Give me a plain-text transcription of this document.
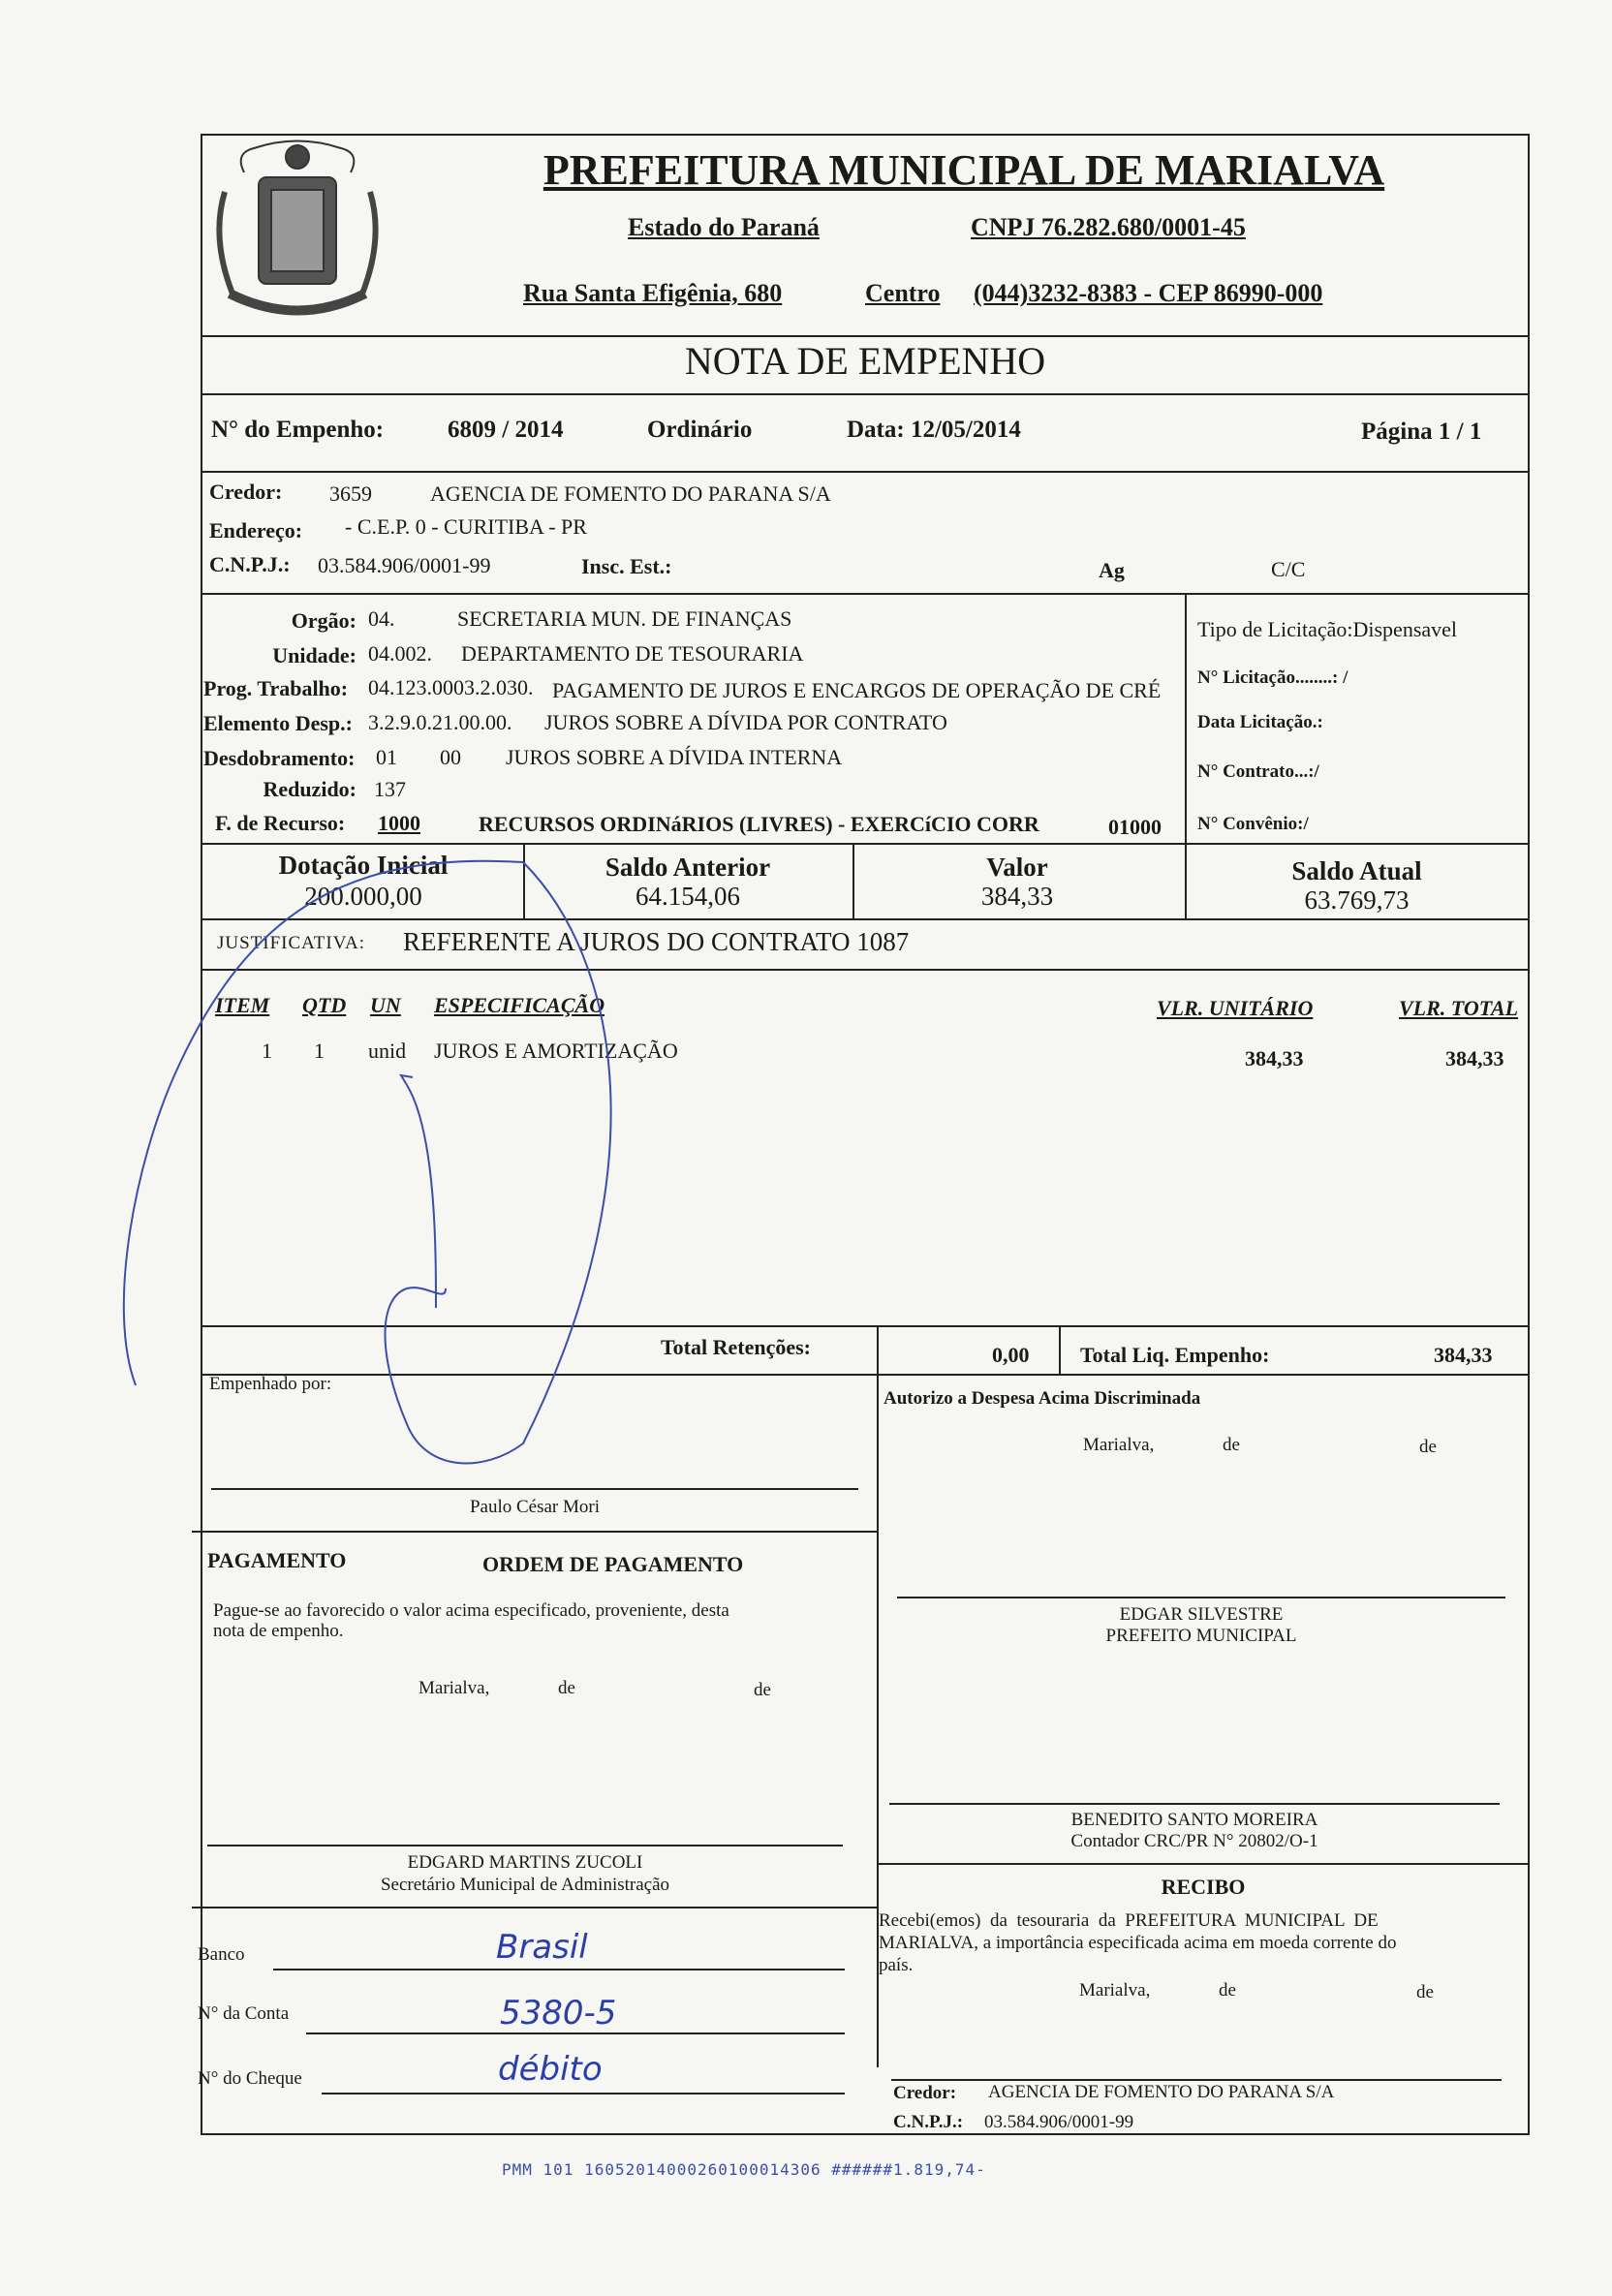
PREFEITURA MUNICIPAL DE MARIALVA
Estado do Paraná	CNPJ 76.282.680/0001-45
Rua Santa Efigênia, 680	Centro (044)3232-8383 - CEP 86990-000
NOTA DE EMPENHO
N° do Empenho:	6809 / 2014	Ordinário	Data: 12/05/2014	Página 1 / 1
Credor: 3659	AGENCIA DE FOMENTO DO PARANA S/A
Endereço: - C.E.P. 0 - CURITIBA - PR
C.N.P.J.: 03.584.906/0001-99	Insc. Est.:	Ag	C/C
Orgão: 04.	SECRETARIA MUN. DE FINANÇAS
Unidade: 04.002. DEPARTAMENTO DE TESOURARIA
Prog. Trabalho: 04.123.0003.2.030. PAGAMENTO DE JUROS E ENCARGOS DE OPERAÇÃO DE CRÉ
Elemento Desp.: 3.2.9.0.21.00.00. JUROS SOBRE A DÍVIDA POR CONTRATO
Desdobramento: 01 00 JUROS SOBRE A DÍVIDA INTERNA
Reduzido: 137
F. de Recurso: 1000	RECURSOS ORDINáRIOS (LIVRES) - EXERCíCIO CORR	01000
Tipo de Licitação:Dispensavel
N° Licitação........: /
Data Licitação.:
N° Contrato...:/
N° Convênio:/
Dotação Inicial
200.000,00
Saldo Anterior
64.154,06
Valor
384,33
Saldo Atual
63.769,73
JUSTIFICATIVA: REFERENTE A JUROS DO CONTRATO 1087
ITEM QTD UN ESPECIFICAÇÃO	VLR. UNITÁRIO	VLR. TOTAL
1 1 unid JUROS E AMORTIZAÇÃO	384,33	384,33
Total Retenções:	0,00 Total Liq. Empenho:	384,33
Empenhado por:
Paulo César Mori
Autorizo a Despesa Acima Discriminada
Marialva,	de	de
PAGAMENTO	ORDEM DE PAGAMENTO
Pague-se ao favorecido o valor acima especificado, proveniente, desta
nota de empenho.
Marialva,	de	de
EDGAR SILVESTRE
PREFEITO MUNICIPAL
BENEDITO SANTO MOREIRA
Contador CRC/PR N° 20802/O-1
EDGARD MARTINS ZUCOLI
Secretário Municipal de Administração
Banco	Brasil
N° da Conta	5380-5
N° do Cheque	débito
RECIBO
Recebi(emos)  da  tesouraria  da  PREFEITURA  MUNICIPAL  DE
MARIALVA, a importância especificada acima em moeda corrente do
país.
Marialva,	de	de
Credor: AGENCIA DE FOMENTO DO PARANA S/A
C.N.P.J.: 03.584.906/0001-99
PMM 101 16052014000260100014306 ######1.819,74-
